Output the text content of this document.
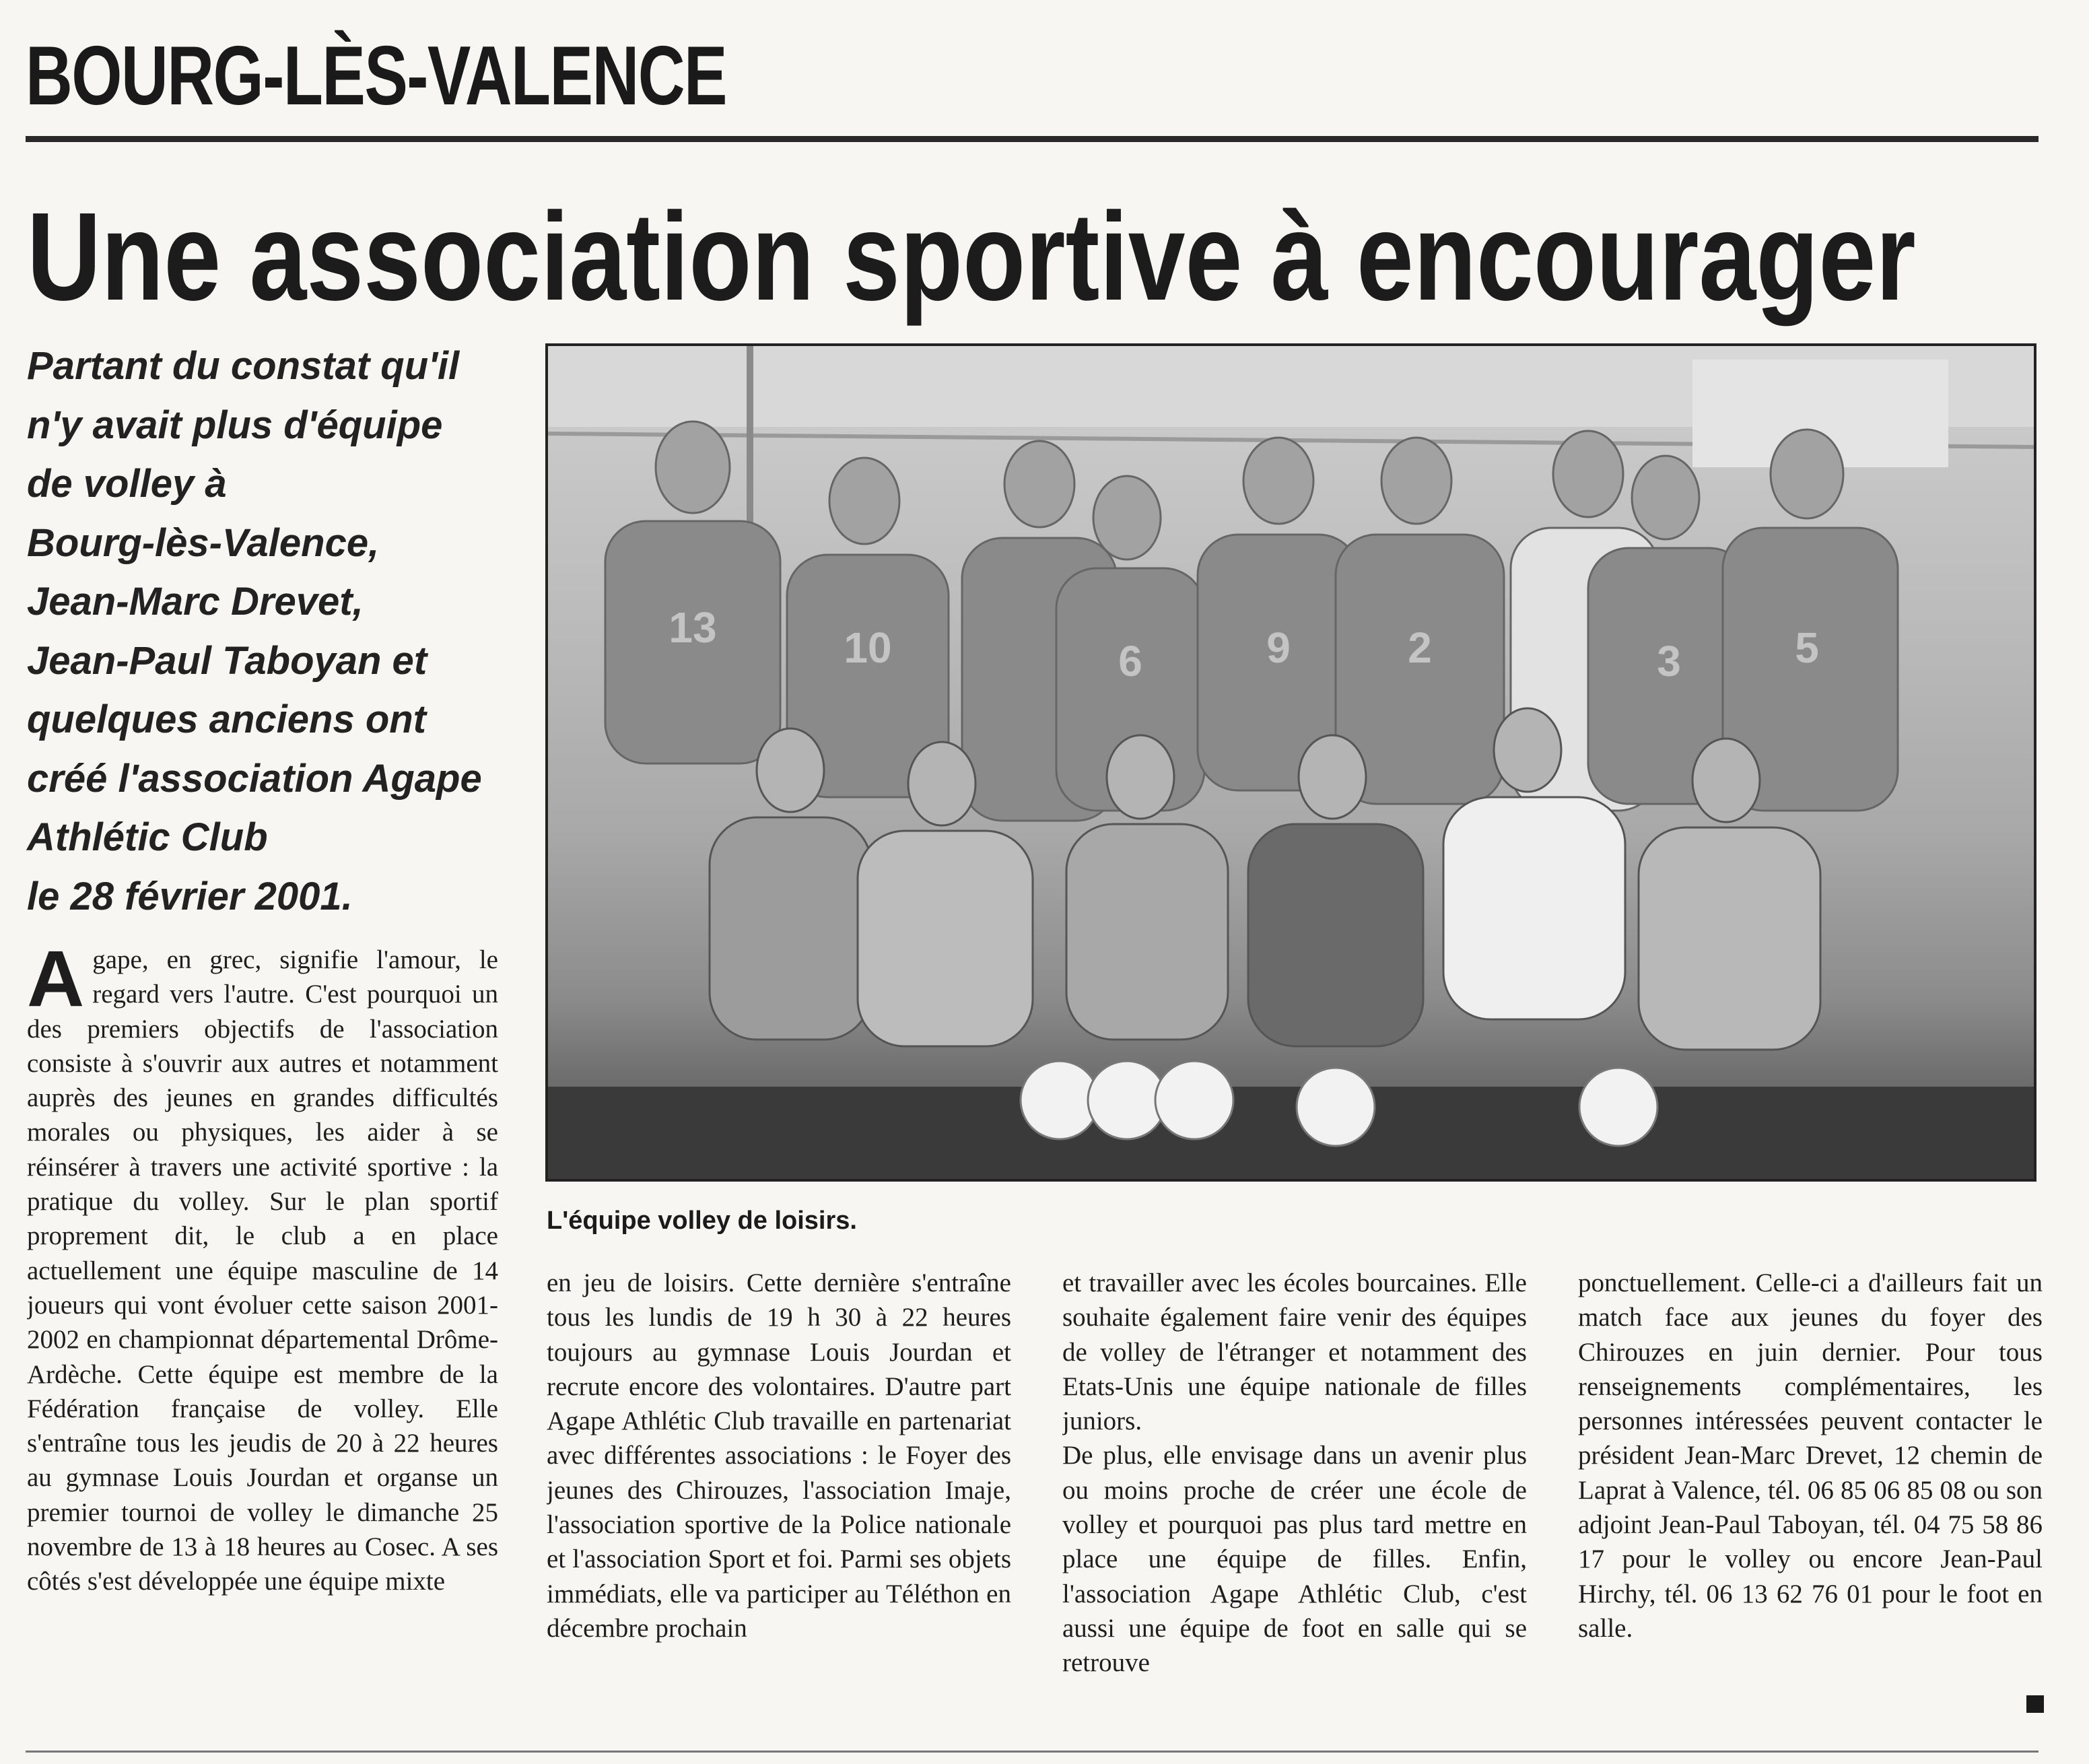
BOURG-LÈS-VALENCE
Une association sportive à encourager
Partant du constat qu'il
n'y avait plus d'équipe
de volley à
Bourg-lès-Valence,
Jean-Marc Drevet,
Jean-Paul Taboyan et
quelques anciens ont
créé l'association Agape
Athlétic Club
le 28 février 2001.
13	10	6	9	2	3	5

L'équipe volley de loisirs.

Agape, en grec, signifie l'amour, le regard vers l'autre. C'est pourquoi un des premiers objectifs de l'association consiste à s'ouvrir aux autres et notamment auprès des jeunes en grandes difficultés morales ou physiques, les aider à se réinsérer à travers une activité sportive : la pratique du volley. Sur le plan sportif proprement dit, le club a en place actuellement une équipe masculine de 14 joueurs qui vont évoluer cette saison 2001-2002 en championnat départemental Drôme-Ardèche. Cette équipe est membre de la Fédération française de volley. Elle s'entraîne tous les jeudis de 20 à 22 heures au gymnase Louis Jourdan et organse un premier tournoi de volley le dimanche 25 novembre de 13 à 18 heures au Cosec. A ses côtés s'est développée une équipe mixte

en jeu de loisirs. Cette dernière s'entraîne tous les lundis de 19 h 30 à 22 heures toujours au gymnase Louis Jourdan et recrute encore des volontaires. D'autre part Agape Athlétic Club travaille en partenariat avec différentes associations : le Foyer des jeunes des Chirouzes, l'association Imaje, l'association sportive de la Police nationale et l'association Sport et foi. Parmi ses objets immédiats, elle va participer au Téléthon en décembre prochain

et travailler avec les écoles bourcaines. Elle souhaite également faire venir des équipes de volley de l'étranger et notamment des Etats-Unis une équipe nationale de filles juniors.

De plus, elle envisage dans un avenir plus ou moins proche de créer une école de volley et pourquoi pas plus tard mettre en place une équipe de filles. Enfin, l'association Agape Athlétic Club, c'est aussi une équipe de foot en salle qui se retrouve

ponctuellement. Celle-ci a d'ailleurs fait un match face aux jeunes du foyer des Chirouzes en juin dernier. Pour tous renseignements complémentaires, les personnes intéressées peuvent contacter le président Jean-Marc Drevet, 12 chemin de Laprat à Valence, tél. 06 85 06 85 08 ou son adjoint Jean-Paul Taboyan, tél. 04 75 58 86 17 pour le volley ou encore Jean-Paul Hirchy, tél. 06 13 62 76 01 pour le foot en salle.
